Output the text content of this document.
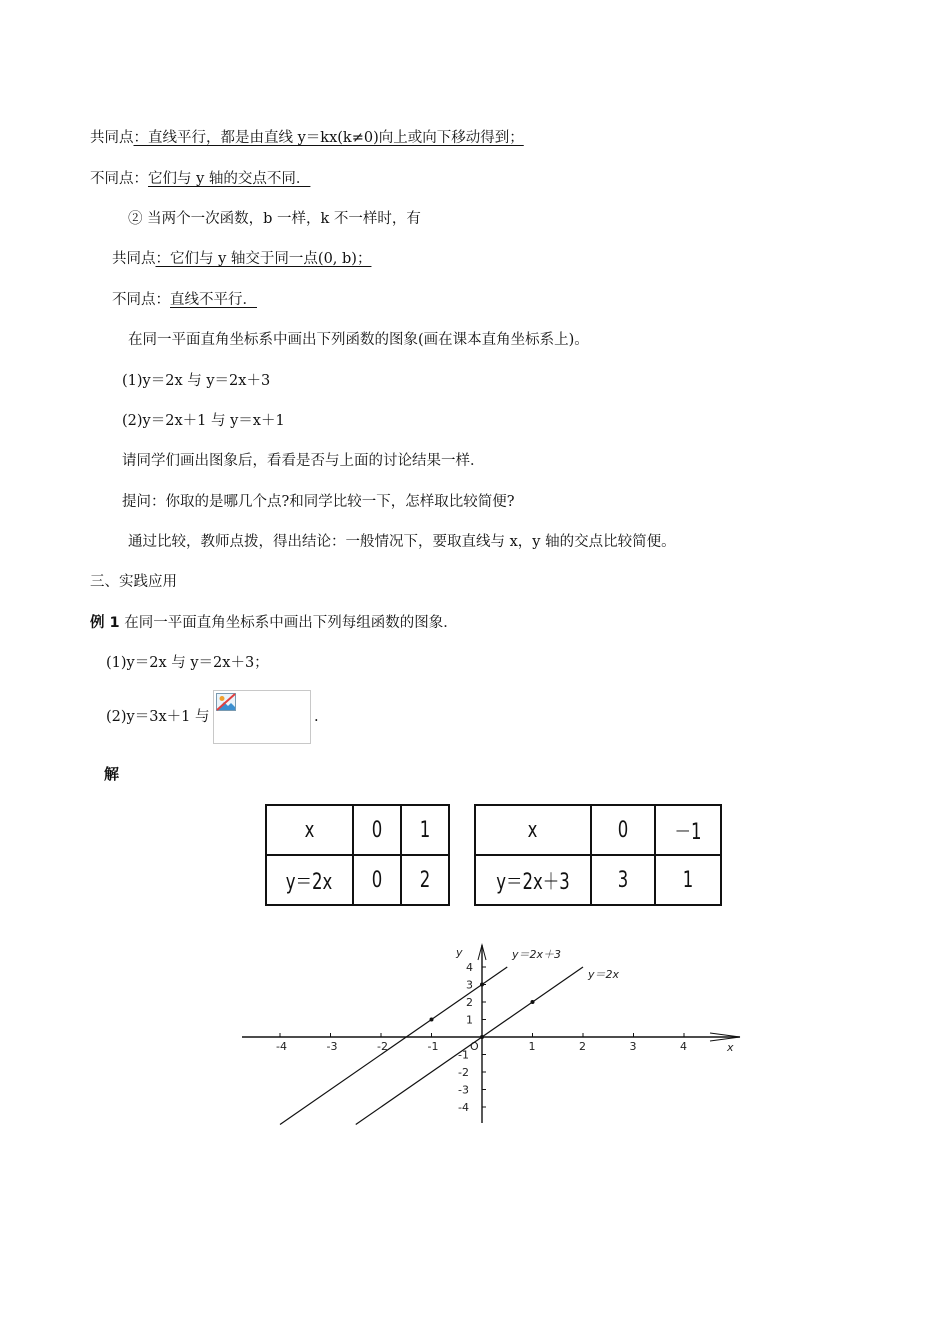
共同点：直线平行，都是由直线 y＝kx(k≠0)向上或向下移动得到；
不同点：它们与 y 轴的交点不同．
② 当两个一次函数，b 一样，k 不一样时，有
共同点：它们与 y 轴交于同一点(0, b)；
不同点：直线不平行．
在同一平面直角坐标系中画出下列函数的图象(画在课本直角坐标系上)。
(1)y＝2x 与 y＝2x＋3
(2)y＝2x＋1 与 y＝x＋1
请同学们画出图象后，看看是否与上面的讨论结果一样．
提问：你取的是哪几个点?和同学比较一下，怎样取比较简便?
通过比较，教师点拨，得出结论：一般情况下，要取直线与 x，y 轴的交点比较简便。
三、实践应用
例 1 在同一平面直角坐标系中画出下列每组函数的图象．
(1)y＝2x 与 y＝2x＋3；
(2)y＝3x＋1 与	.
解
x	0	1
y＝2x	0	2
x	0	－1
y＝2x＋3	3	1
-4	-3	-2	-1	O	1	2	3	4
4
3
2
1
-1
-2
-3
-4
x
y	y＝2x＋3
y＝2x
